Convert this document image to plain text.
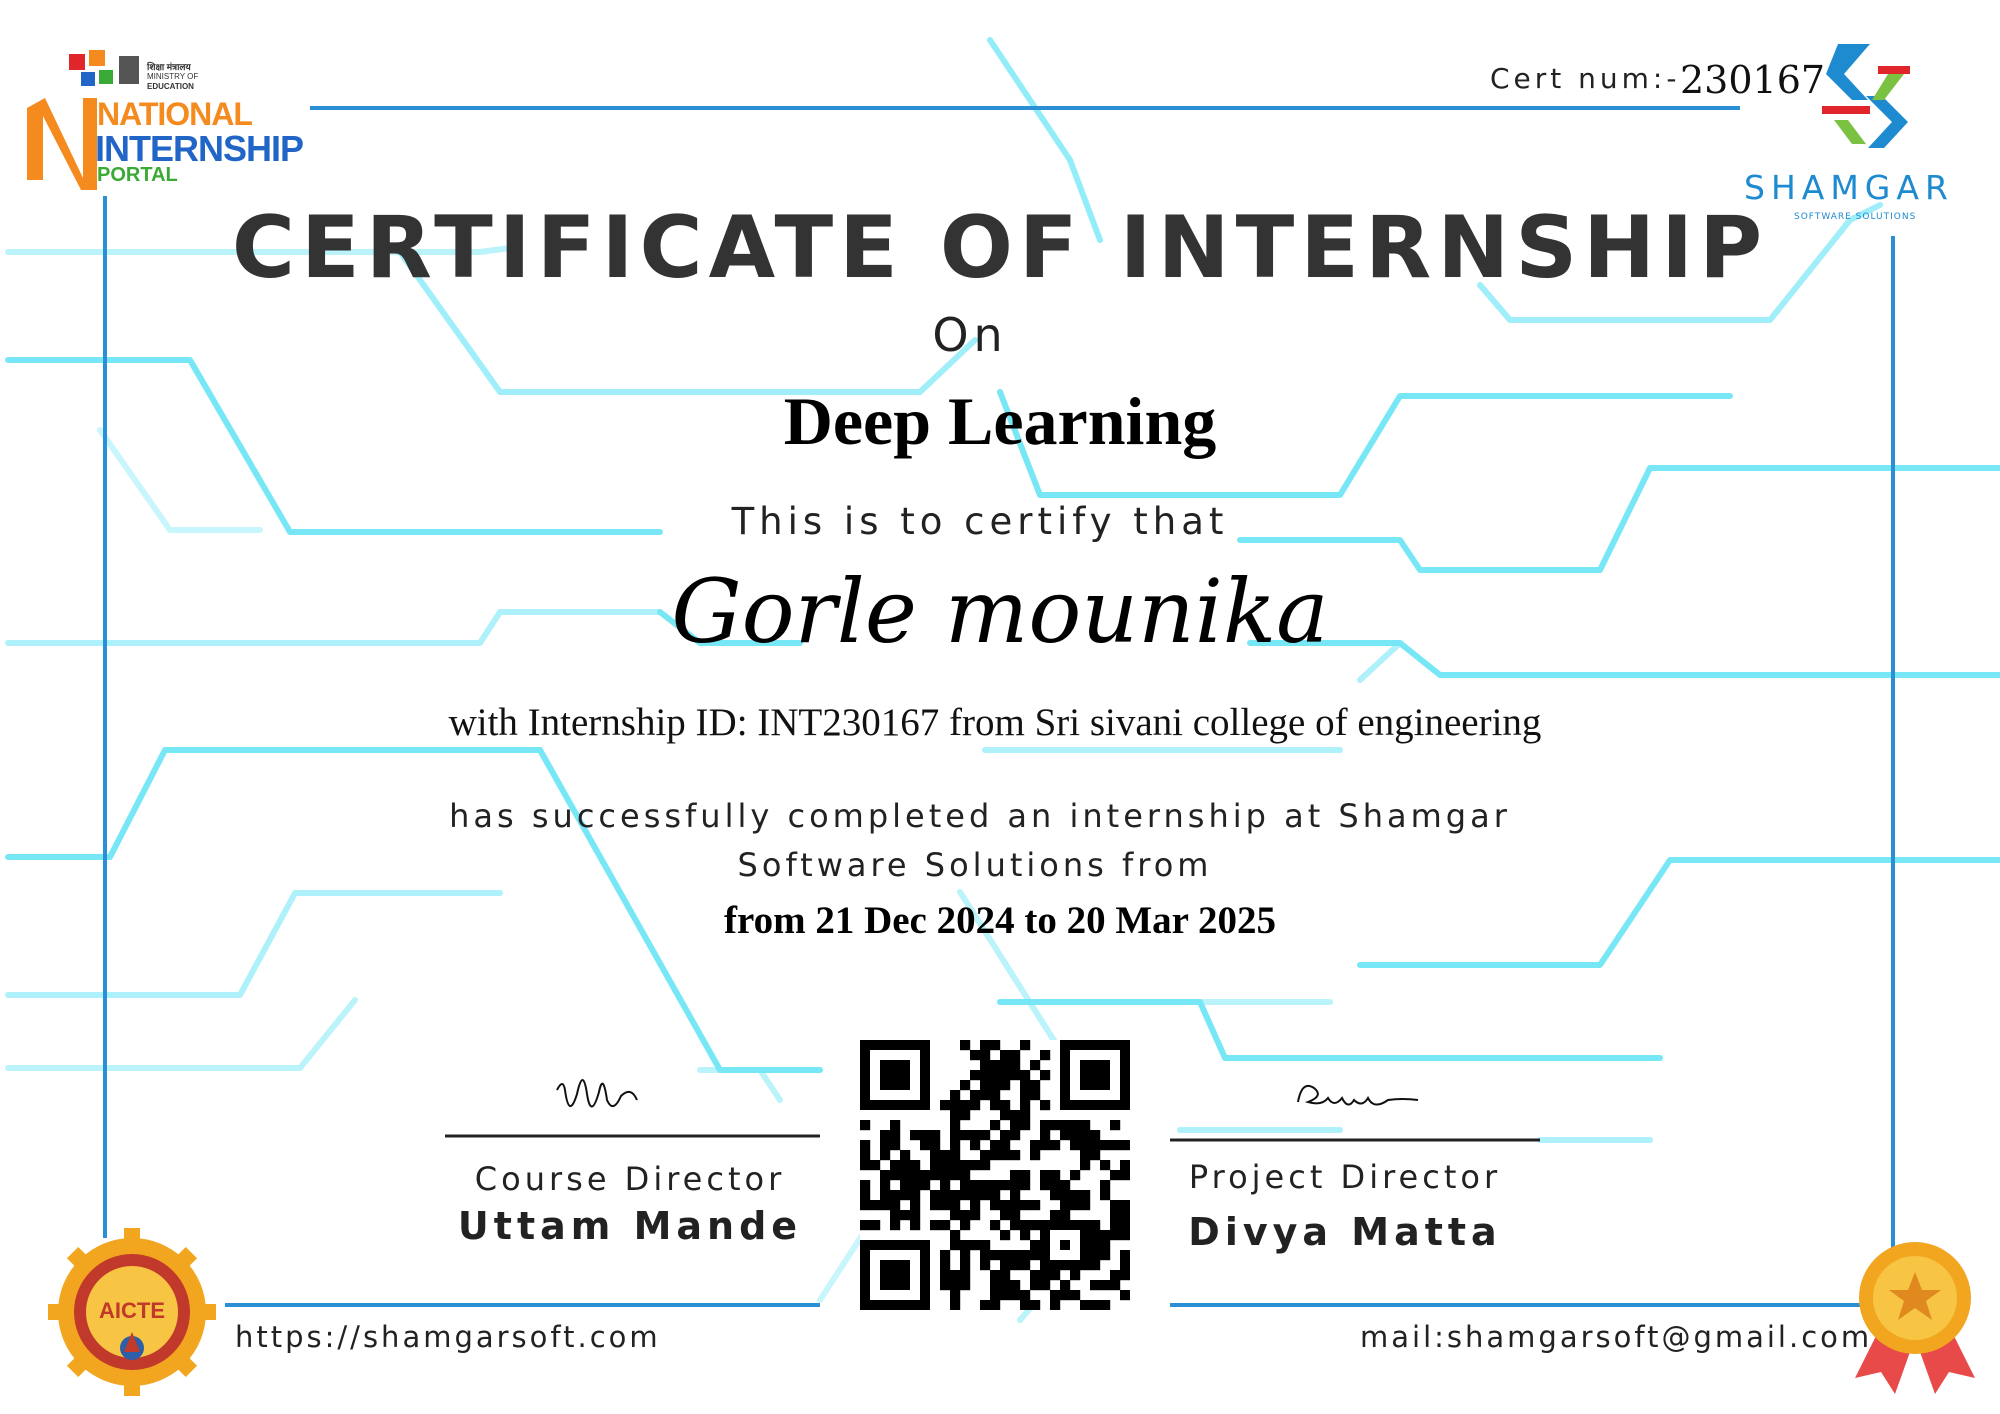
शिक्षा मंत्रालय
MINISTRY OF
EDUCATION
NATIONAL
INTERNSHIP
PORTAL
Cert num:- 230167
SHAMGAR
SOFTWARE SOLUTIONS
CERTIFICATE OF INTERNSHIP
On
Deep Learning
This is to certify that
Gorle mounika
with Internship ID: INT230167 from Sri sivani college of engineering
has successfully completed an internship at Shamgar
Software Solutions from
from 21 Dec 2024 to 20 Mar 2025
Course Director
Uttam Mande
Project Director
Divya Matta
AICTE
https://shamgarsoft.com	mail:shamgarsoft@gmail.com
